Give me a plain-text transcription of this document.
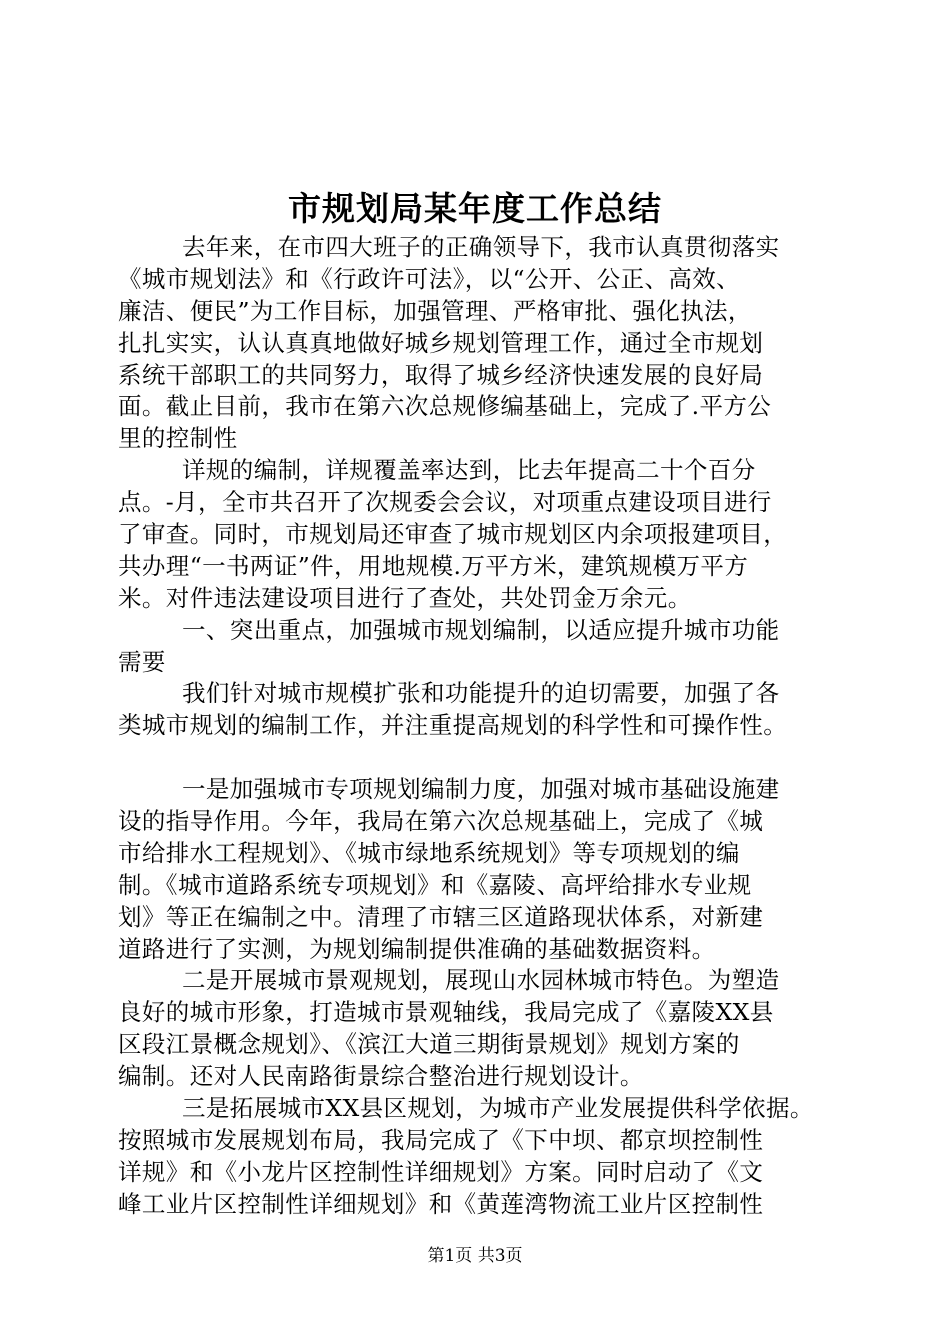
市规划局某年度工作总结
去年来，在市四大班子的正确领导下，我市认真贯彻落实
《城市规划法》和《行政许可法》，以“公开、公正、高效、
廉洁、便民”为工作目标，加强管理、严格审批、强化执法，
扎扎实实，认认真真地做好城乡规划管理工作，通过全市规划
系统干部职工的共同努力，取得了城乡经济快速发展的良好局
面。截止目前，我市在第六次总规修编基础上，完成了.平方公
里的控制性
详规的编制，详规覆盖率达到，比去年提高二十个百分
点。-月，全市共召开了次规委会会议，对项重点建设项目进行
了审查。同时，市规划局还审查了城市规划区内余项报建项目，
共办理“一书两证”件，用地规模.万平方米，建筑规模万平方
米。对件违法建设项目进行了查处，共处罚金万余元。
一、突出重点，加强城市规划编制，以适应提升城市功能
需要
我们针对城市规模扩张和功能提升的迫切需要，加强了各
类城市规划的编制工作，并注重提高规划的科学性和可操作性。
一是加强城市专项规划编制力度，加强对城市基础设施建
设的指导作用。今年，我局在第六次总规基础上，完成了《城
市给排水工程规划》、《城市绿地系统规划》等专项规划的编
制。《城市道路系统专项规划》和《嘉陵、高坪给排水专业规
划》等正在编制之中。清理了市辖三区道路现状体系，对新建
道路进行了实测，为规划编制提供准确的基础数据资料。
二是开展城市景观规划，展现山水园林城市特色。为塑造
良好的城市形象，打造城市景观轴线，我局完成了《嘉陵XX县
区段江景概念规划》、《滨江大道三期街景规划》规划方案的
编制。还对人民南路街景综合整治进行规划设计。
三是拓展城市XX县区规划，为城市产业发展提供科学依据。
按照城市发展规划布局，我局完成了《下中坝、都京坝控制性
详规》和《小龙片区控制性详细规划》方案。同时启动了《文
峰工业片区控制性详细规划》和《黄莲湾物流工业片区控制性
第1页 共3页
